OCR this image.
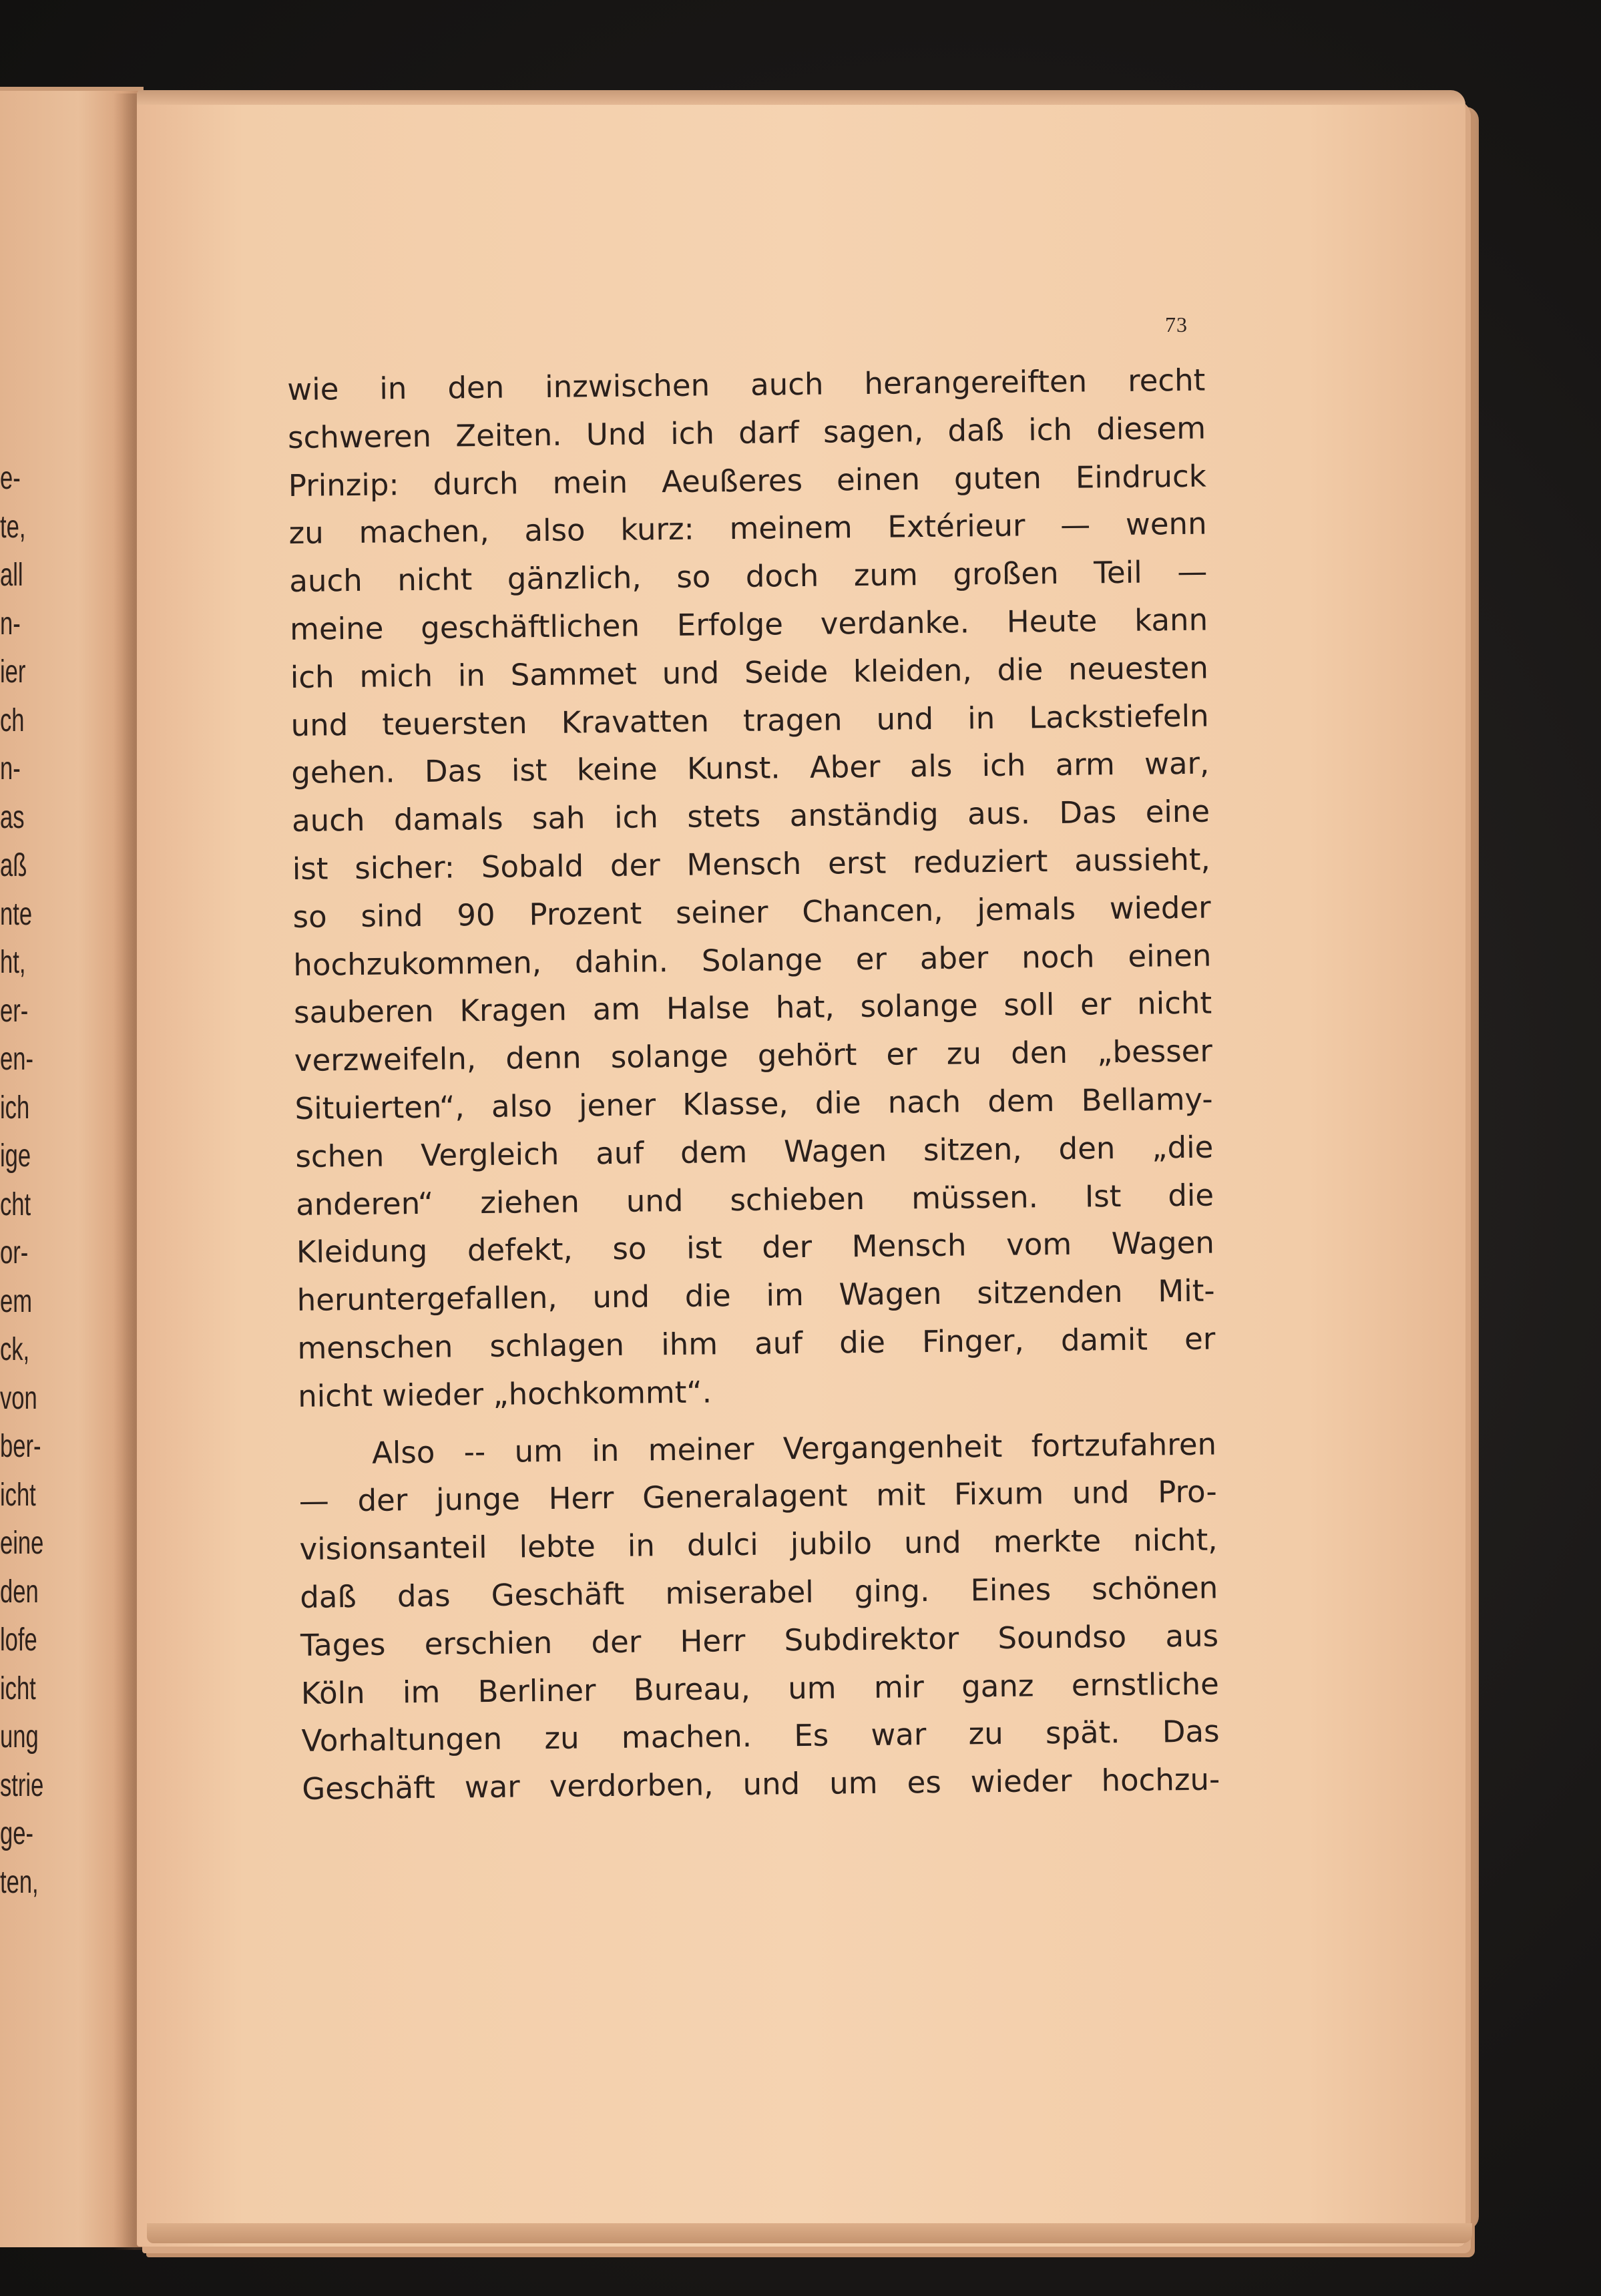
e-
te,
all
n-
ier
ch
n-
as
aß
nte
ht,
er-
en-
ich
ige
cht
or-
em
ck,
von
ber-
icht
eine
den
lofe
icht
ung
strie
ge-
ten,
73
wie in den inzwischen auch herangereiften recht
schweren Zeiten. Und ich darf sagen, daß ich diesem
Prinzip: durch mein Aeußeres einen guten Eindruck
zu machen, also kurz: meinem Extérieur — wenn
auch nicht gänzlich, so doch zum großen Teil —
meine geschäftlichen Erfolge verdanke. Heute kann
ich mich in Sammet und Seide kleiden, die neuesten
und teuersten Kravatten tragen und in Lackstiefeln
gehen. Das ist keine Kunst. Aber als ich arm war,
auch damals sah ich stets anständig aus. Das eine
ist sicher: Sobald der Mensch erst reduziert aussieht,
so sind 90 Prozent seiner Chancen, jemals wieder
hochzukommen, dahin. Solange er aber noch einen
sauberen Kragen am Halse hat, solange soll er nicht
verzweifeln, denn solange gehört er zu den „besser
Situierten“, also jener Klasse, die nach dem Bellamy-
schen Vergleich auf dem Wagen sitzen, den „die
anderen“ ziehen und schieben müssen. Ist die
Kleidung defekt, so ist der Mensch vom Wagen
heruntergefallen, und die im Wagen sitzenden Mit-
menschen schlagen ihm auf die Finger, damit er
nicht wieder „hochkommt“.
Also -- um in meiner Vergangenheit fortzufahren
— der junge Herr Generalagent mit Fixum und Pro-
visionsanteil lebte in dulci jubilo und merkte nicht,
daß das Geschäft miserabel ging. Eines schönen
Tages erschien der Herr Subdirektor Soundso aus
Köln im Berliner Bureau, um mir ganz ernstliche
Vorhaltungen zu machen. Es war zu spät. Das
Geschäft war verdorben, und um es wieder hochzu-
